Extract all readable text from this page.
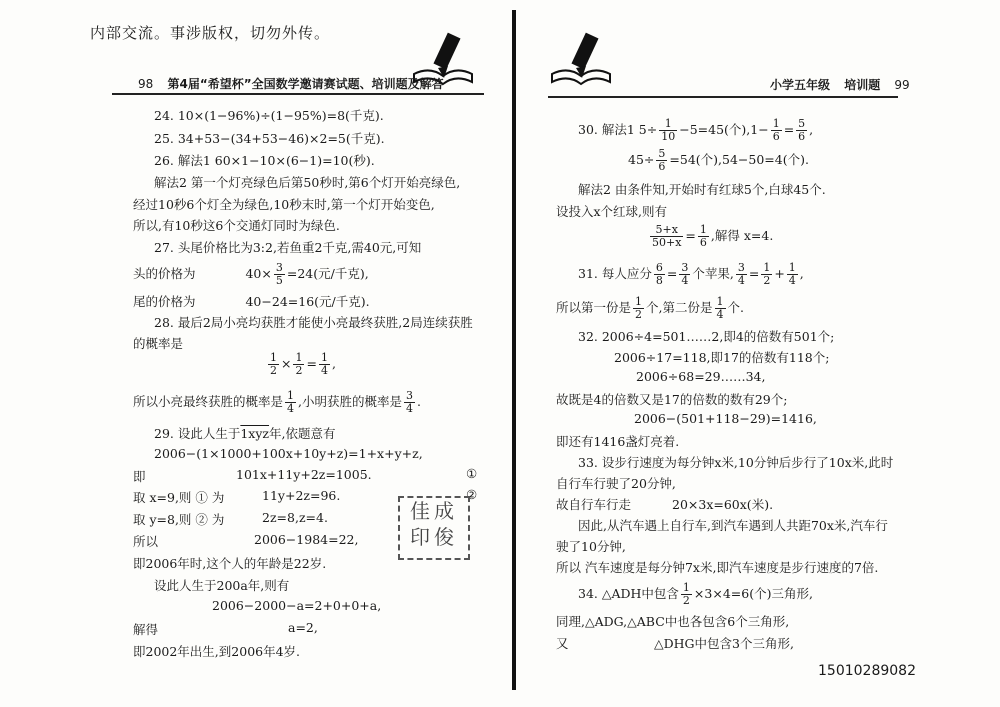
内部交流。事涉版权，切勿外传。
98 第4届“希望杯”全国数学邀请赛试题、培训题及解答	小学五年级 培训题 99
24. 10×(1−96%)÷(1−95%)=8(千克).
25. 34+53−(34+53−46)×2=5(千克).
26. 解法1 60×1−10×(6−1)=10(秒).
解法2 第一个灯亮绿色后第50秒时,第6个灯开始亮绿色,
经过10秒6个灯全为绿色,10秒末时,第一个灯开始变色,
所以,有10秒这6个交通灯同时为绿色.
27. 头尾价格比为3:2,若鱼重2千克,需40元,可知
头的价格为	$40\times \frac{3}{5} =24$(元/千克),
尾的价格为	40−24=16(元/千克).
28. 最后2局小亮均获胜才能使小亮最终获胜,2局连续获胜
的概率是
$\frac{1}{2} \times \frac{1}{2} = \frac{1}{4}$ ,
所以小亮最终获胜的概率是 $\frac{1}{4}$ ,小明获胜的概率是 $\frac{3}{4}$ .
29. 设此人生于1xyz年,依题意有
2006−(1×1000+100x+10y+z)=1+x+y+z,
即	101x+11y+2z=1005.	①
取 x=9,则 ① 为	11y+2z=96.	②
取 y=8,则 ② 为	2z=8,z=4.
所以	2006−1984=22,
即2006年时,这个人的年龄是22岁.
设此人生于200a年,则有
2006−2000−a=2+0+0+a,
解得	a=2,
即2002年出生,到2006年4岁.
佳成印俊
30. 解法1 $5\div \frac{1}{10} -5=45$(个)$,1- \frac{1}{6} = \frac{5}{6}$ ,
$45\div \frac{5}{6} =54$(个),54−50=4(个).
解法2 由条件知,开始时有红球5个,白球45个.
设投入x个红球,则有
$\frac{5+x}{50+x} = \frac{1}{6}$ ,解得 x=4.
31. 每人应分 $\frac{6}{8} = \frac{3}{4}$ 个苹果, $\frac{3}{4} = \frac{1}{2} + \frac{1}{4}$ ,
所以第一份是 $\frac{1}{2}$ 个,第二份是 $\frac{1}{4}$ 个.
32. 2006÷4=501……2,即4的倍数有501个;
2006÷17=118,即17的倍数有118个;
2006÷68=29……34,
故既是4的倍数又是17的倍数的数有29个;
2006−(501+118−29)=1416,
即还有1416盏灯亮着.
33. 设步行速度为每分钟x米,10分钟后步行了10x米,此时
自行车行驶了20分钟,
故自行车行走	20×3x=60x(米).
因此,从汽车遇上自行车,到汽车遇到人共距70x米,汽车行
驶了10分钟,
所以 汽车速度是每分钟7x米,即汽车速度是步行速度的7倍.
34. △ADH中包含 $\frac{1}{2} \times 3\times 4=6$(个)三角形,
同理,△ADG,△ABC中也各包含6个三角形,
又	△DHG中包含3个三角形,
15010289082
